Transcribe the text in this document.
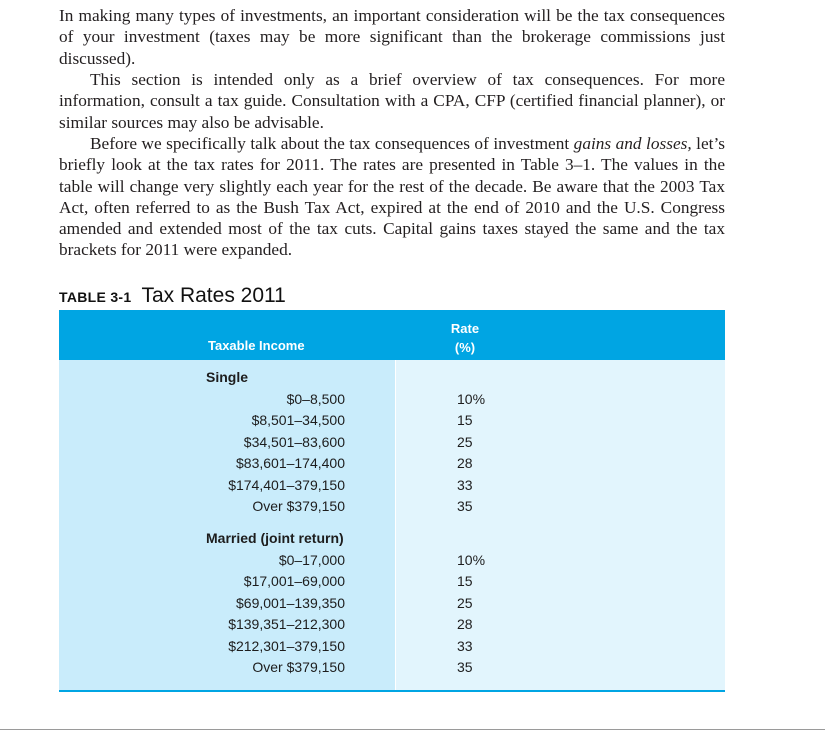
In making many types of investments, an important consideration will be the tax consequences of your investment (taxes may be more significant than the brokerage commissions just discussed).

This section is intended only as a brief overview of tax consequences. For more information, consult a tax guide. Consultation with a CPA, CFP (certified financial planner), or similar sources may also be advisable.

Before we specifically talk about the tax consequences of investment gains and losses, let’s briefly look at the tax rates for 2011. The rates are presented in Table 3–1. The values in the table will change very slightly each year for the rest of the decade. Be aware that the 2003 Tax Act, often referred to as the Bush Tax Act, expired at the end of 2010 and the U.S. Congress amended and extended most of the tax cuts. Capital gains taxes stayed the same and the tax brackets for 2011 were expanded.

TABLE 3-1 Tax Rates 2011
Taxable Income
Rate
(%)
Single
$0–8,500	10%
$8,501–34,500	15
$34,501–83,600	25
$83,601–174,400	28
$174,401–379,150	33
Over $379,150	35
Married (joint return)
$0–17,000	10%
$17,001–69,000	15
$69,001–139,350	25
$139,351–212,300	28
$212,301–379,150	33
Over $379,150	35
